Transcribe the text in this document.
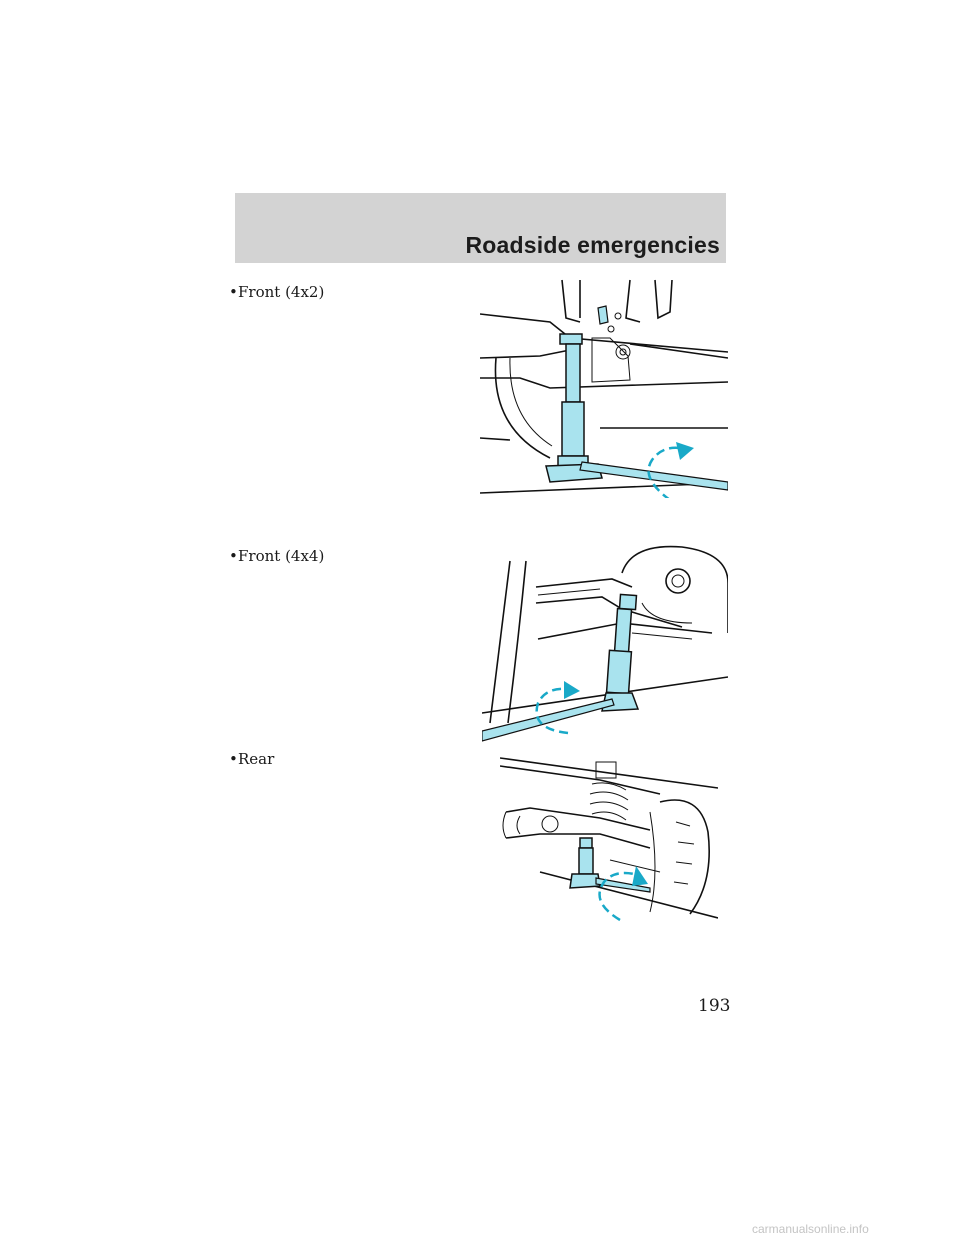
Roadside emergencies
•Front (4x2)
•Front (4x4)
•Rear
193
carmanualsonline.info
